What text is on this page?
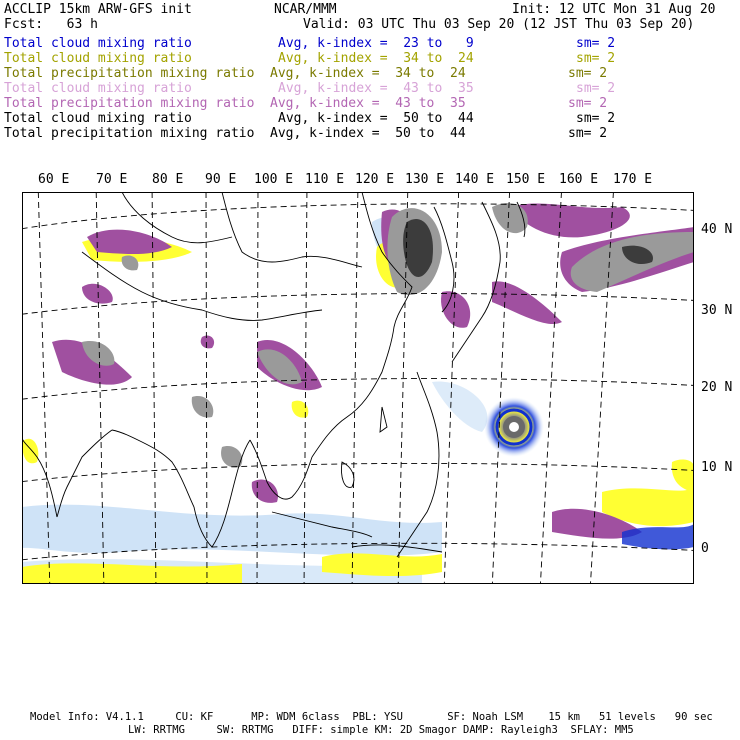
ACCLIP 15km ARW-GFS init	NCAR/MMM	Init: 12 UTC Mon 31 Aug 20
Fcst:   63 h	Valid: 03 UTC Thu 03 Sep 20 (12 JST Thu 03 Sep 20)
Total cloud mixing ratio	Avg, k-index =  23 to   9	sm= 2
Total cloud mixing ratio	Avg, k-index =  34 to  24	sm= 2
Total precipitation mixing ratio Avg, k-index =  34 to  24	sm= 2
Total cloud mixing ratio	Avg, k-index =  43 to  35	sm= 2
Total precipitation mixing ratio Avg, k-index =  43 to  35	sm= 2
Total cloud mixing ratio	Avg, k-index =  50 to  44	sm= 2
Total precipitation mixing ratio Avg, k-index =  50 to  44	sm= 2
60 E 70 E 80 E 90 E 100 E 110 E 120 E 130 E 140 E 150 E 160 E 170 E
40 N
30 N
20 N
10 N
0
Model Info: V4.1.1     CU: KF      MP: WDM 6class  PBL: YSU       SF: Noah LSM    15 km   51 levels   90 sec
LW: RRTMG     SW: RRTMG   DIFF: simple KM: 2D Smagor DAMP: Rayleigh3  SFLAY: MM5
